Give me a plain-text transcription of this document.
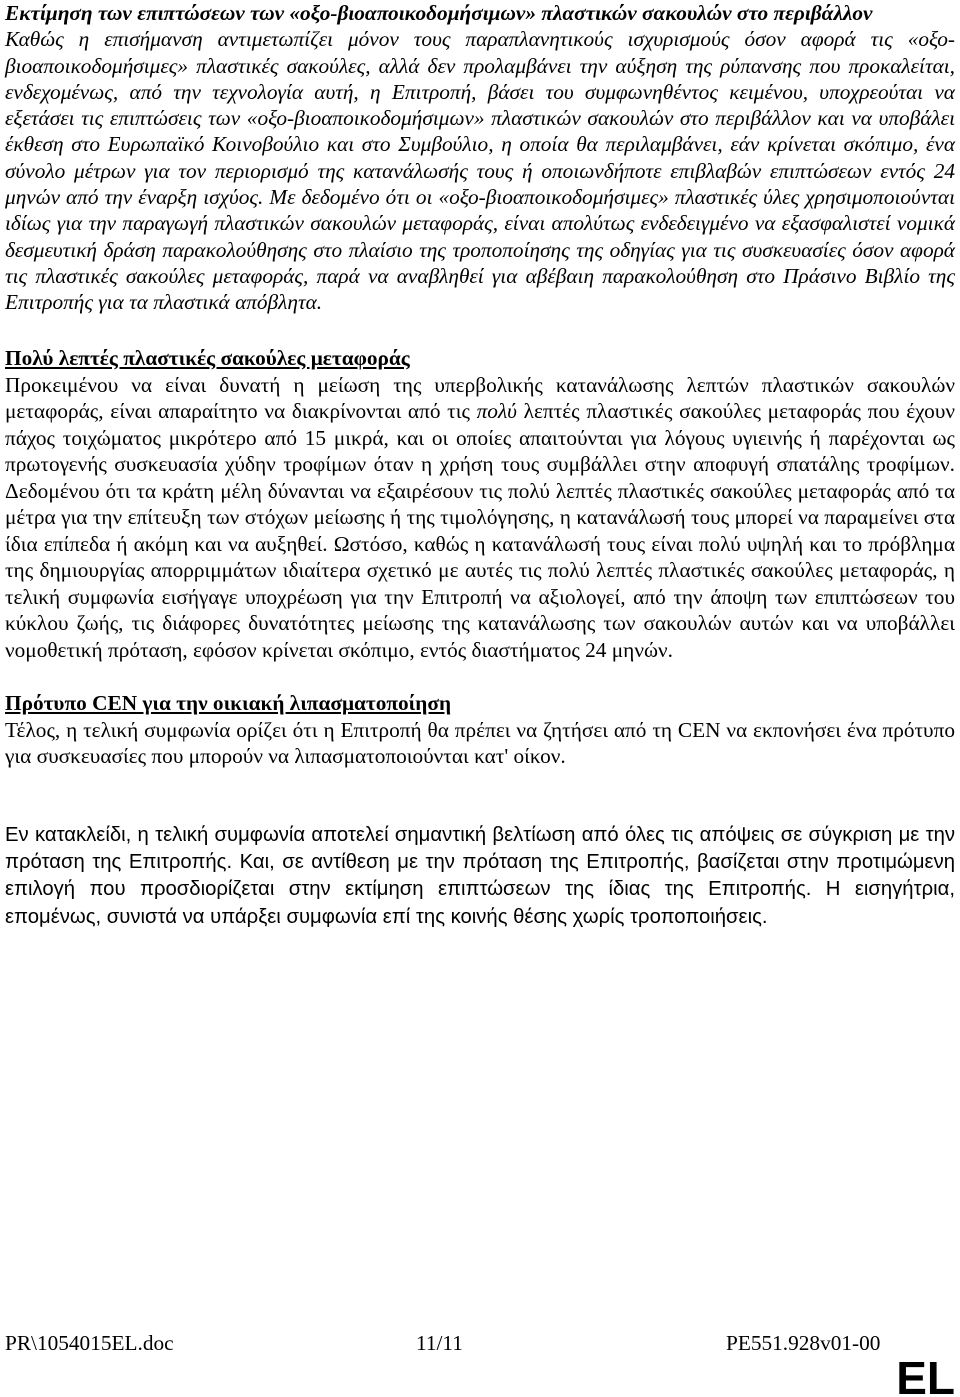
Εκτίμηση των επιπτώσεων των «οξο-βιοαποικοδομήσιμων» πλαστικών σακουλών στο περιβάλλον

Καθώς η επισήμανση αντιμετωπίζει μόνον τους παραπλανητικούς ισχυρισμούς όσον αφορά τις «οξο-βιοαποικοδομήσιμες» πλαστικές σακούλες, αλλά δεν προλαμβάνει την αύξηση της ρύπανσης που προκαλείται, ενδεχομένως, από την τεχνολογία αυτή, η Επιτροπή, βάσει του συμφωνηθέντος κειμένου, υποχρεούται να εξετάσει τις επιπτώσεις των «οξο-βιοαποικοδομήσιμων» πλαστικών σακουλών στο περιβάλλον και να υποβάλει έκθεση στο Ευρωπαϊκό Κοινοβούλιο και στο Συμβούλιο, η οποία θα περιλαμβάνει, εάν κρίνεται σκόπιμο, ένα σύνολο μέτρων για τον περιορισμό της κατανάλωσής τους ή οποιωνδήποτε επιβλαβών επιπτώσεων εντός 24 μηνών από την έναρξη ισχύος. Με δεδομένο ότι οι «οξο-βιοαποικοδομήσιμες» πλαστικές ύλες χρησιμοποιούνται ιδίως για την παραγωγή πλαστικών σακουλών μεταφοράς, είναι απολύτως ενδεδειγμένο να εξασφαλιστεί νομικά δεσμευτική δράση παρακολούθησης στο πλαίσιο της τροποποίησης της οδηγίας για τις συσκευασίες όσον αφορά τις πλαστικές σακούλες μεταφοράς, παρά να αναβληθεί για αβέβαιη παρακολούθηση στο Πράσινο Βιβλίο της Επιτροπής για τα πλαστικά απόβλητα.

Πολύ λεπτές πλαστικές σακούλες μεταφοράς

Προκειμένου να είναι δυνατή η μείωση της υπερβολικής κατανάλωσης λεπτών πλαστικών σακουλών μεταφοράς, είναι απαραίτητο να διακρίνονται από τις πολύ λεπτές πλαστικές σακούλες μεταφοράς που έχουν πάχος τοιχώματος μικρότερο από 15 μικρά, και οι οποίες απαιτούνται για λόγους υγιεινής ή παρέχονται ως πρωτογενής συσκευασία χύδην τροφίμων όταν η χρήση τους συμβάλλει στην αποφυγή σπατάλης τροφίμων. Δεδομένου ότι τα κράτη μέλη δύνανται να εξαιρέσουν τις πολύ λεπτές πλαστικές σακούλες μεταφοράς από τα μέτρα για την επίτευξη των στόχων μείωσης ή της τιμολόγησης, η κατανάλωσή τους μπορεί να παραμείνει στα ίδια επίπεδα ή ακόμη και να αυξηθεί. Ωστόσο, καθώς η κατανάλωσή τους είναι πολύ υψηλή και το πρόβλημα της δημιουργίας απορριμμάτων ιδιαίτερα σχετικό με αυτές τις πολύ λεπτές πλαστικές σακούλες μεταφοράς, η τελική συμφωνία εισήγαγε υποχρέωση για την Επιτροπή να αξιολογεί, από την άποψη των επιπτώσεων του κύκλου ζωής, τις διάφορες δυνατότητες μείωσης της κατανάλωσης των σακουλών αυτών και να υποβάλλει νομοθετική πρόταση, εφόσον κρίνεται σκόπιμο, εντός διαστήματος 24 μηνών.

Πρότυπο CEN για την οικιακή λιπασματοποίηση

Τέλος, η τελική συμφωνία ορίζει ότι η Επιτροπή θα πρέπει να ζητήσει από τη CEN να εκπονήσει ένα πρότυπο για συσκευασίες που μπορούν να λιπασματοποιούνται κατ' οίκον.

Εν κατακλείδι, η τελική συμφωνία αποτελεί σημαντική βελτίωση από όλες τις απόψεις σε σύγκριση με την πρόταση της Επιτροπής. Και, σε αντίθεση με την πρόταση της Επιτροπής, βασίζεται στην προτιμώμενη επιλογή που προσδιορίζεται στην εκτίμηση επιπτώσεων της ίδιας της Επιτροπής. Η εισηγήτρια, επομένως, συνιστά να υπάρξει συμφωνία επί της κοινής θέσης χωρίς τροποποιήσεις.

PR\1054015EL.doc	11/11	PE551.928v01-00
EL
